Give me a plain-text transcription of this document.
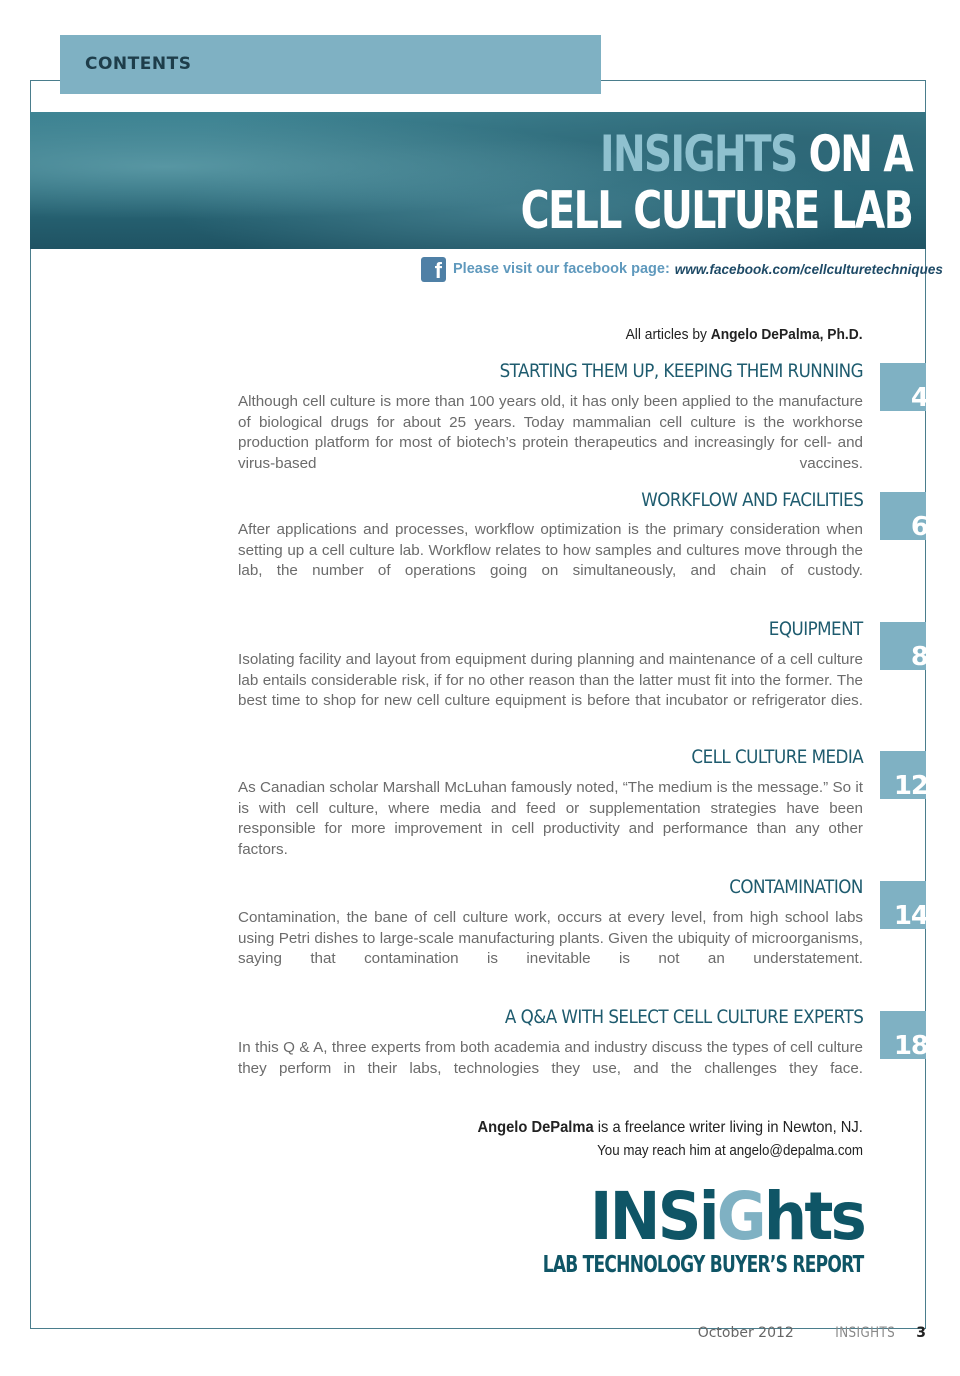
CONTENTS
INSIGHTS ON A
CELL CULTURE LAB
f Please visit our facebook page: www.facebook.com/cellculturetechniques
All articles by Angelo DePalma, Ph.D.
STARTING THEM UP, KEEPING THEM RUNNING
Although cell culture is more than 100 years old, it has only been applied to the manufacture of biological drugs for about 25 years. Today mammalian cell culture is the workhorse production platform for most of biotech’s protein therapeutics and increasingly for cell- and virus-based vaccines.
4
WORKFLOW AND FACILITIES
After applications and processes, workflow optimization is the primary consideration when setting up a cell culture lab. Workflow relates to how samples and cultures move through the lab, the number of operations going on simultaneously, and chain of custody.
6
EQUIPMENT
Isolating facility and layout from equipment during planning and maintenance of a cell culture lab entails considerable risk, if for no other reason than the latter must fit into the former. The best time to shop for new cell culture equipment is before that incubator or refrigerator dies.
8
CELL CULTURE MEDIA
As Canadian scholar Marshall McLuhan famously noted, “The medium is the message.” So it is with cell culture, where media and feed or supplementation strategies have been responsible for more improvement in cell productivity and performance than any other factors.
12
CONTAMINATION
Contamination, the bane of cell culture work, occurs at every level, from high school labs using Petri dishes to large-scale manufacturing plants. Given the ubiquity of microorganisms, saying that contamination is inevitable is not an understatement.
14
A Q&A WITH SELECT CELL CULTURE EXPERTS
In this Q & A, three experts from both academia and industry discuss the types of cell culture they perform in their labs, technologies they use, and the challenges they face.
18
Angelo DePalma is a freelance writer living in Newton, NJ.
You may reach him at angelo@depalma.com
INSiGhts
LAB TECHNOLOGY BUYER’S REPORT
October 2012	INSIGHTS 3
